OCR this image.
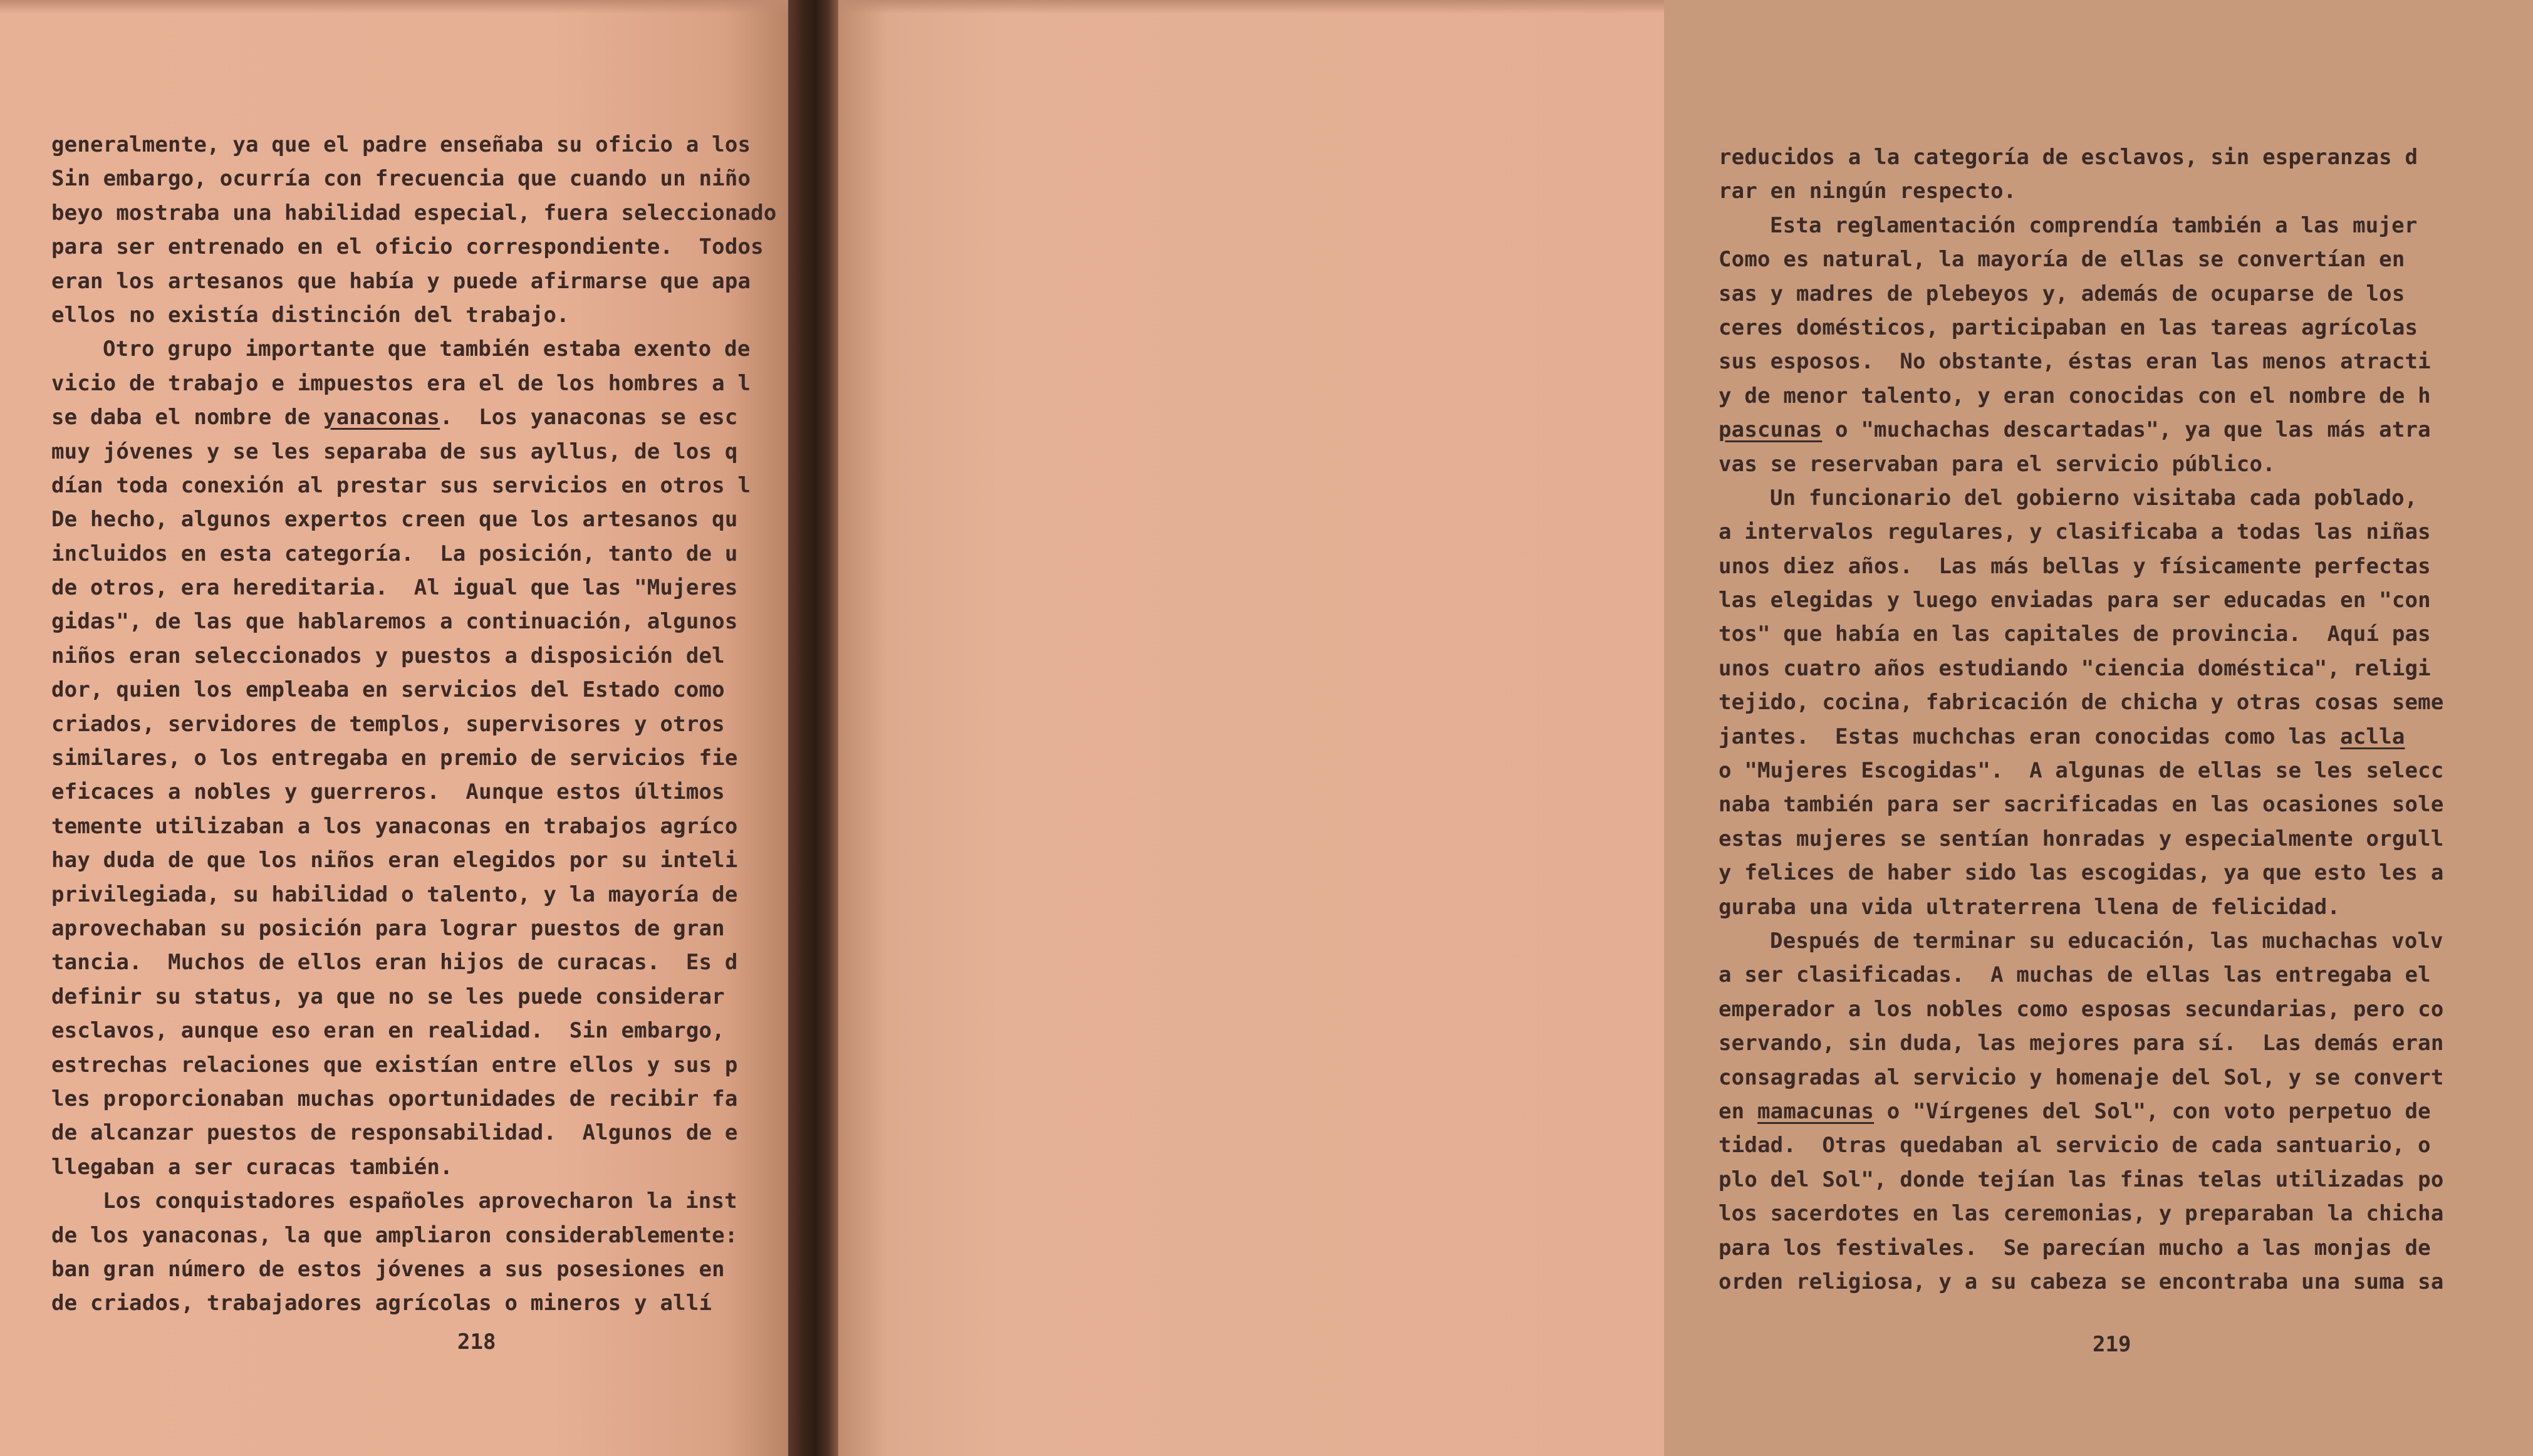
generalmente, ya que el padre enseñaba su oficio a los
Sin embargo, ocurría con frecuencia que cuando un niño
beyo mostraba una habilidad especial, fuera seleccionado
para ser entrenado en el oficio correspondiente.  Todos
eran los artesanos que había y puede afirmarse que apa
ellos no existía distinción del trabajo.
Otro grupo importante que también estaba exento de
vicio de trabajo e impuestos era el de los hombres a l
se daba el nombre de yanaconas.  Los yanaconas se esc
muy jóvenes y se les separaba de sus ayllus, de los q
dían toda conexión al prestar sus servicios en otros l
De hecho, algunos expertos creen que los artesanos qu
incluidos en esta categoría.  La posición, tanto de u
de otros, era hereditaria.  Al igual que las "Mujeres
gidas", de las que hablaremos a continuación, algunos
niños eran seleccionados y puestos a disposición del
dor, quien los empleaba en servicios del Estado como
criados, servidores de templos, supervisores y otros
similares, o los entregaba en premio de servicios fie
eficaces a nobles y guerreros.  Aunque estos últimos
temente utilizaban a los yanaconas en trabajos agríco
hay duda de que los niños eran elegidos por su inteli
privilegiada, su habilidad o talento, y la mayoría de
aprovechaban su posición para lograr puestos de gran
tancia.  Muchos de ellos eran hijos de curacas.  Es d
definir su status, ya que no se les puede considerar
esclavos, aunque eso eran en realidad.  Sin embargo,
estrechas relaciones que existían entre ellos y sus p
les proporcionaban muchas oportunidades de recibir fa
de alcanzar puestos de responsabilidad.  Algunos de e
llegaban a ser curacas también.
Los conquistadores españoles aprovecharon la inst
de los yanaconas, la que ampliaron considerablemente:
ban gran número de estos jóvenes a sus posesiones en
de criados, trabajadores agrícolas o mineros y allí
218
reducidos a la categoría de esclavos, sin esperanzas d
rar en ningún respecto.
Esta reglamentación comprendía también a las mujer
Como es natural, la mayoría de ellas se convertían en
sas y madres de plebeyos y, además de ocuparse de los
ceres domésticos, participaban en las tareas agrícolas
sus esposos.  No obstante, éstas eran las menos atracti
y de menor talento, y eran conocidas con el nombre de h
pascunas o "muchachas descartadas", ya que las más atra
vas se reservaban para el servicio público.
Un funcionario del gobierno visitaba cada poblado,
a intervalos regulares, y clasificaba a todas las niñas
unos diez años.  Las más bellas y físicamente perfectas
las elegidas y luego enviadas para ser educadas en "con
tos" que había en las capitales de provincia.  Aquí pas
unos cuatro años estudiando "ciencia doméstica", religi
tejido, cocina, fabricación de chicha y otras cosas seme
jantes.  Estas muchchas eran conocidas como las aclla
o "Mujeres Escogidas".  A algunas de ellas se les selecc
naba también para ser sacrificadas en las ocasiones sole
estas mujeres se sentían honradas y especialmente orgull
y felices de haber sido las escogidas, ya que esto les a
guraba una vida ultraterrena llena de felicidad.
Después de terminar su educación, las muchachas volv
a ser clasificadas.  A muchas de ellas las entregaba el
emperador a los nobles como esposas secundarias, pero co
servando, sin duda, las mejores para sí.  Las demás eran
consagradas al servicio y homenaje del Sol, y se convert
en mamacunas o "Vírgenes del Sol", con voto perpetuo de
tidad.  Otras quedaban al servicio de cada santuario, o
plo del Sol", donde tejían las finas telas utilizadas po
los sacerdotes en las ceremonias, y preparaban la chicha
para los festivales.  Se parecían mucho a las monjas de
orden religiosa, y a su cabeza se encontraba una suma sa
219
